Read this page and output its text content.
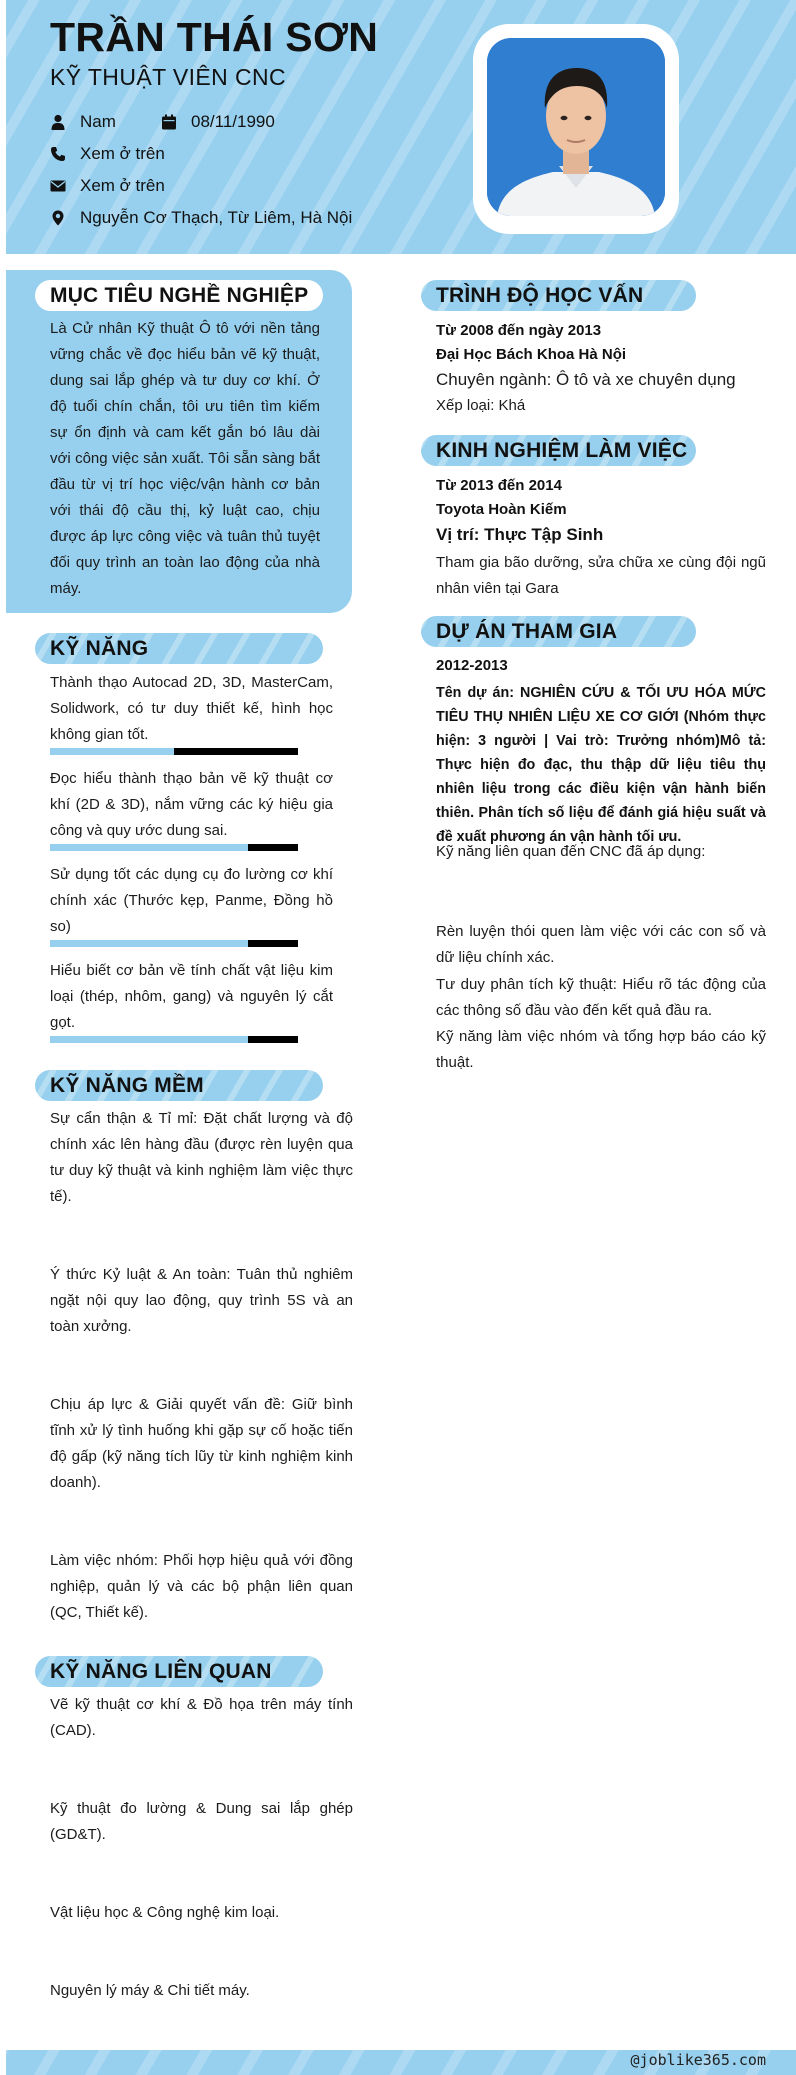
TRẦN THÁI SƠN
KỸ THUẬT VIÊN CNC
Nam	08/11/1990
Xem ở trên
Xem ở trên
Nguyễn Cơ Thạch, Từ Liêm, Hà Nội
MỤC TIÊU NGHỀ NGHIỆP
Là Cử nhân Kỹ thuật Ô tô với nền tảng vững chắc về đọc hiểu bản vẽ kỹ thuật, dung sai lắp ghép và tư duy cơ khí. Ở độ tuổi chín chắn, tôi ưu tiên tìm kiếm sự ổn định và cam kết gắn bó lâu dài với công việc sản xuất. Tôi sẵn sàng bắt đầu từ vị trí học việc/vận hành cơ bản với thái độ cầu thị, kỷ luật cao, chịu được áp lực công việc và tuân thủ tuyệt đối quy trình an toàn lao động của nhà máy.
KỸ NĂNG
Thành thạo Autocad 2D, 3D, MasterCam, Solidwork, có tư duy thiết kế, hình học không gian tốt.
Đọc hiểu thành thạo bản vẽ kỹ thuật cơ khí (2D & 3D), nắm vững các ký hiệu gia công và quy ước dung sai.
Sử dụng tốt các dụng cụ đo lường cơ khí chính xác (Thước kẹp, Panme, Đồng hồ so)
Hiểu biết cơ bản về tính chất vật liệu kim loại (thép, nhôm, gang) và nguyên lý cắt gọt.
KỸ NĂNG MỀM
Sự cẩn thận & Tỉ mỉ: Đặt chất lượng và độ chính xác lên hàng đầu (được rèn luyện qua tư duy kỹ thuật và kinh nghiệm làm việc thực tế).
Ý thức Kỷ luật & An toàn: Tuân thủ nghiêm ngặt nội quy lao động, quy trình 5S và an toàn xưởng.
Chịu áp lực & Giải quyết vấn đề: Giữ bình tĩnh xử lý tình huống khi gặp sự cố hoặc tiến độ gấp (kỹ năng tích lũy từ kinh nghiệm kinh doanh).
Làm việc nhóm: Phối hợp hiệu quả với đồng nghiệp, quản lý và các bộ phận liên quan (QC, Thiết kế).
KỸ NĂNG LIÊN QUAN
Vẽ kỹ thuật cơ khí & Đồ họa trên máy tính (CAD).
Kỹ thuật đo lường & Dung sai lắp ghép (GD&T).
Vật liệu học & Công nghệ kim loại.
Nguyên lý máy & Chi tiết máy.
TRÌNH ĐỘ HỌC VẤN
Từ 2008 đến ngày 2013
Đại Học Bách Khoa Hà Nội
Chuyên ngành: Ô tô và xe chuyên dụng
Xếp loại: Khá
KINH NGHIỆM LÀM VIỆC
Từ 2013 đến 2014
Toyota Hoàn Kiếm
Vị trí: Thực Tập Sinh
Tham gia bão dưỡng, sửa chữa xe cùng đội ngũ nhân viên tại Gara
DỰ ÁN THAM GIA
2012-2013
Tên dự án: NGHIÊN CỨU & TỐI ƯU HÓA MỨC TIÊU THỤ NHIÊN LIỆU XE CƠ GIỚI (Nhóm thực hiện: 3 người | Vai trò: Trưởng nhóm)Mô tả: Thực hiện đo đạc, thu thập dữ liệu tiêu thụ nhiên liệu trong các điều kiện vận hành biến thiên. Phân tích số liệu để đánh giá hiệu suất và đề xuất phương án vận hành tối ưu.
Kỹ năng liên quan đến CNC đã áp dụng:
Rèn luyện thói quen làm việc với các con số và dữ liệu chính xác.
Tư duy phân tích kỹ thuật: Hiểu rõ tác động của các thông số đầu vào đến kết quả đầu ra.
Kỹ năng làm việc nhóm và tổng hợp báo cáo kỹ thuật.
@joblike365.com
